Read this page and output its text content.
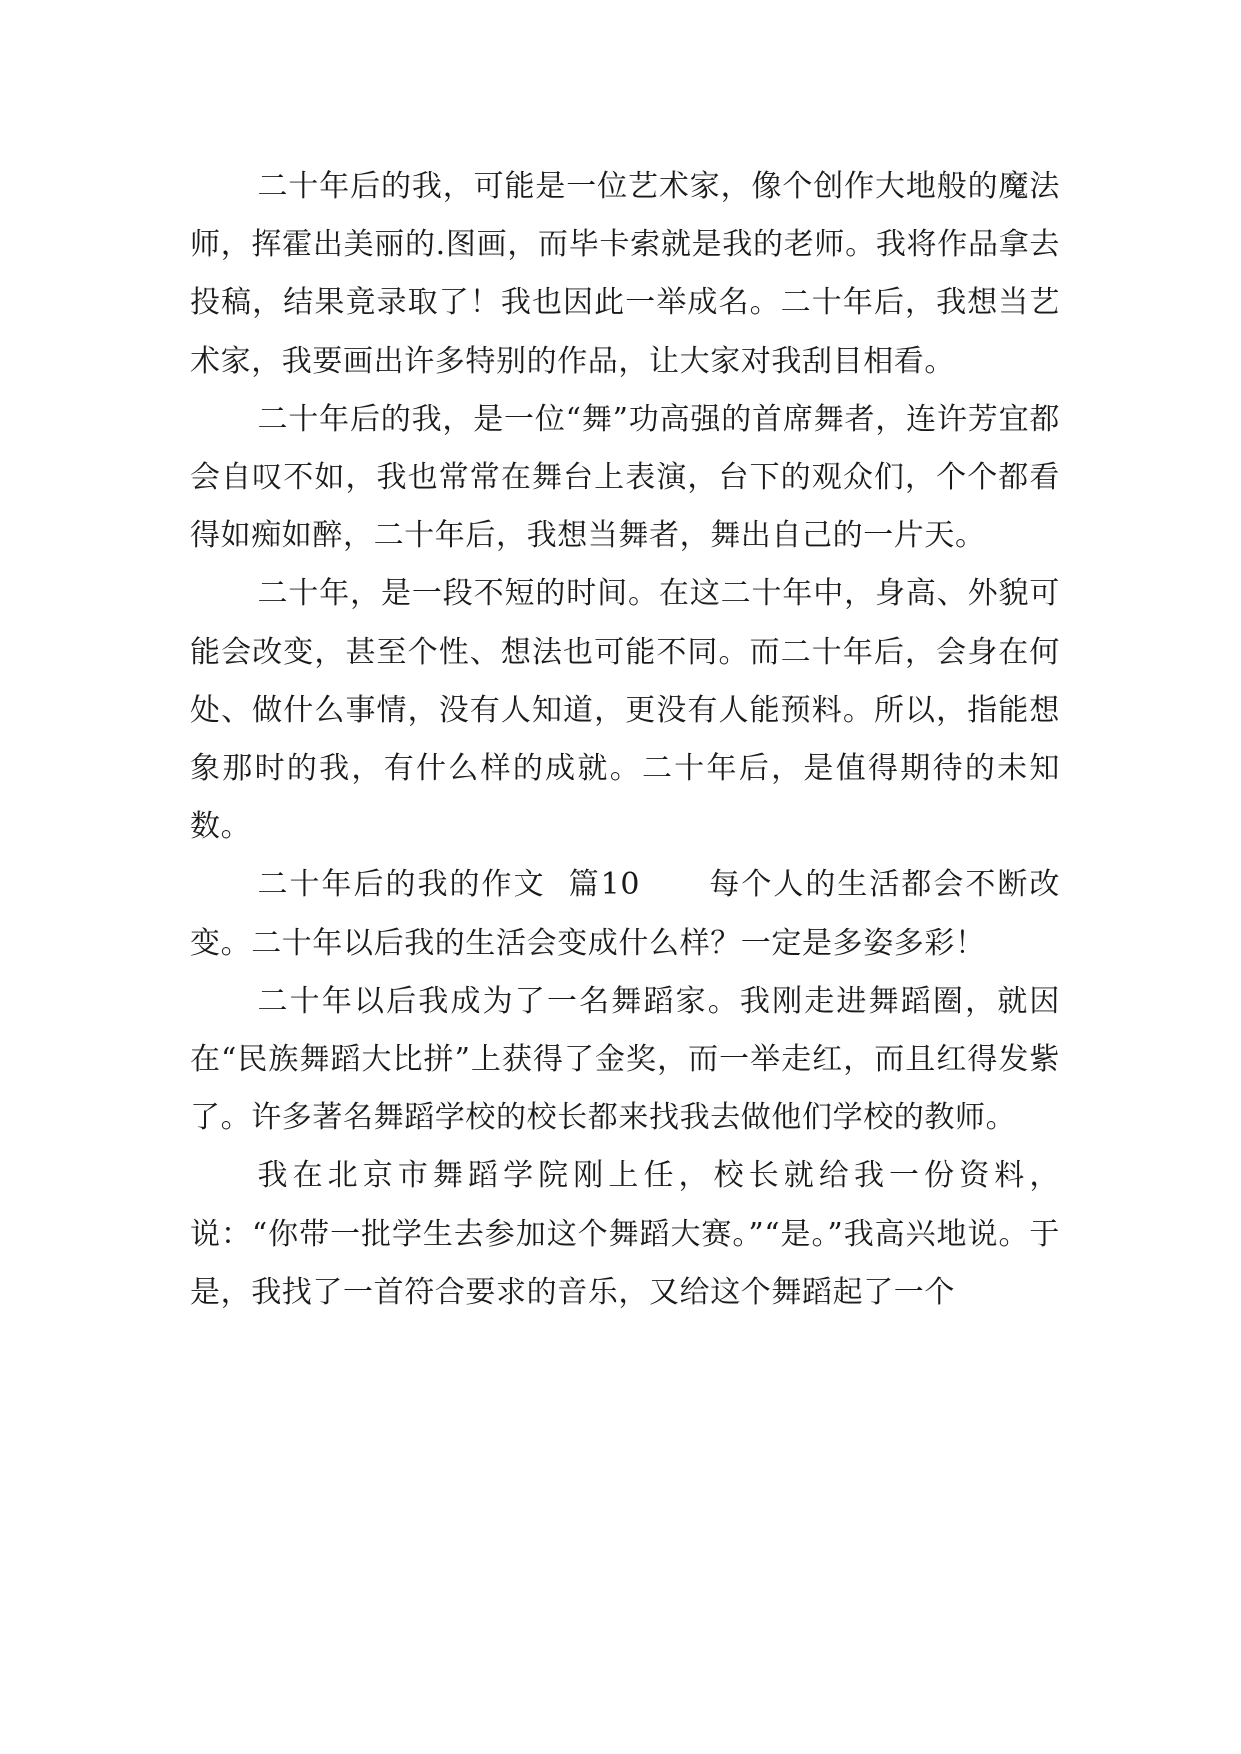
二十年后的我，可能是一位艺术家，像个创作大地般的魔法师，挥霍出美丽的.图画，而毕卡索就是我的老师。我将作品拿去投稿，结果竟录取了！我也因此一举成名。二十年后，我想当艺术家，我要画出许多特别的作品，让大家对我刮目相看。

二十年后的我，是一位“舞”功高强的首席舞者，连许芳宜都会自叹不如，我也常常在舞台上表演，台下的观众们，个个都看得如痴如醉，二十年后，我想当舞者，舞出自己的一片天。

二十年，是一段不短的时间。在这二十年中，身高、外貌可能会改变，甚至个性、想法也可能不同。而二十年后，会身在何处、做什么事情，没有人知道，更没有人能预料。所以，指能想象那时的我，有什么样的成就。二十年后，是值得期待的未知数。

二十年后的我的作文  篇10      每个人的生活都会不断改变。二十年以后我的生活会变成什么样？一定是多姿多彩！

二十年以后我成为了一名舞蹈家。我刚走进舞蹈圈，就因在“民族舞蹈大比拼”上获得了金奖，而一举走红，而且红得发紫了。许多著名舞蹈学校的校长都来找我去做他们学校的教师。

我在北京市舞蹈学院刚上任，校长就给我一份资料，说：“你带一批学生去参加这个舞蹈大赛。”“是。”我高兴地说。于是，我找了一首符合要求的音乐，又给这个舞蹈起了一个
